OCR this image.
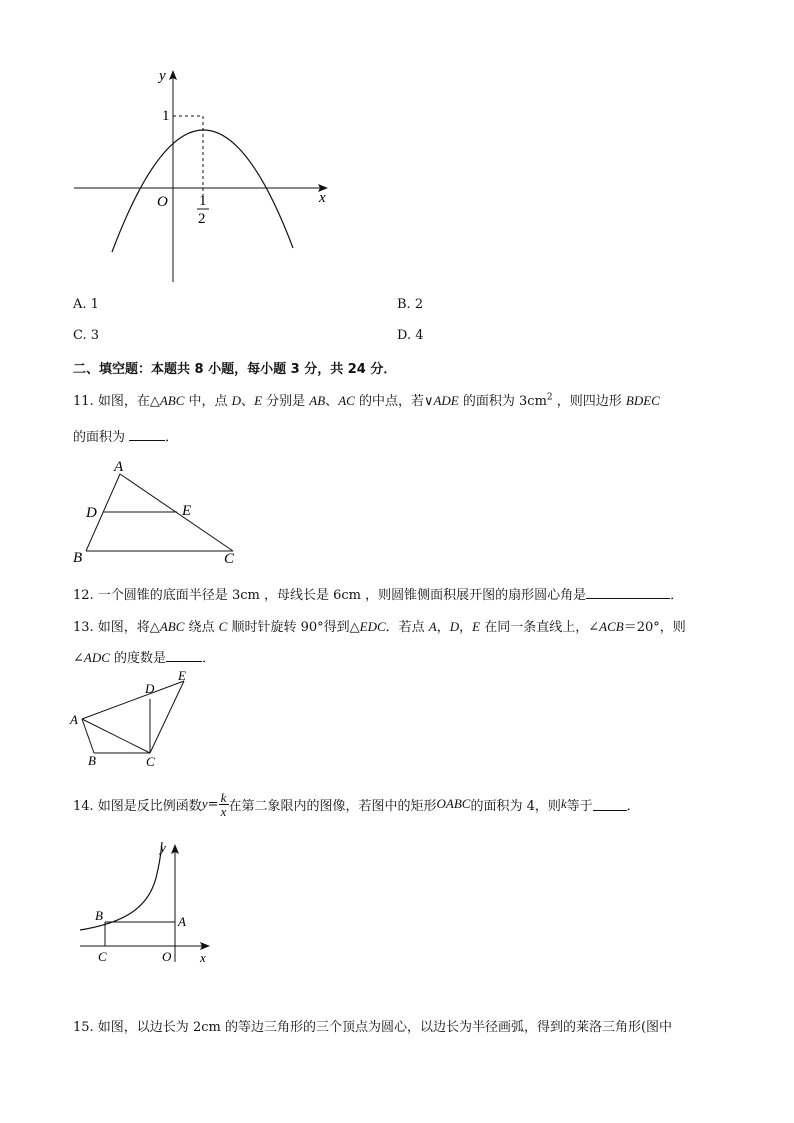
y
x
O
1
1
2
A. 1	B. 2
C. 3	D. 4
二、填空题：本题共 8 小题，每小题 3 分，共 24 分．
11. 如图，在△ABC 中，点 D、E 分别是 AB、AC 的中点，若∨ADE 的面积为 $3cm^2$ ，则四边形 BDEC
的面积为	．
A
D	E
B	C
12. 一个圆锥的底面半径是 3cm ，母线长是 6cm ，则圆锥侧面积展开图的扇形圆心角是	．
13. 如图，将△ABC 绕点 C 顺时针旋转 90°得到△EDC．若点 A，D，E 在同一条直线上，∠ACB＝20°，则
∠ADC 的度数是	．
A
B	C
D
E
14. 如图是反比例函数 $y = \frac{k}{x}$ 在第二象限内的图像，若图中的矩形 OABC 的面积为 4，则 k 等于	．
y
x
A
B
C	O
15. 如图，以边长为 2cm 的等边三角形的三个顶点为圆心，以边长为半径画弧，得到的莱洛三角形(图中
